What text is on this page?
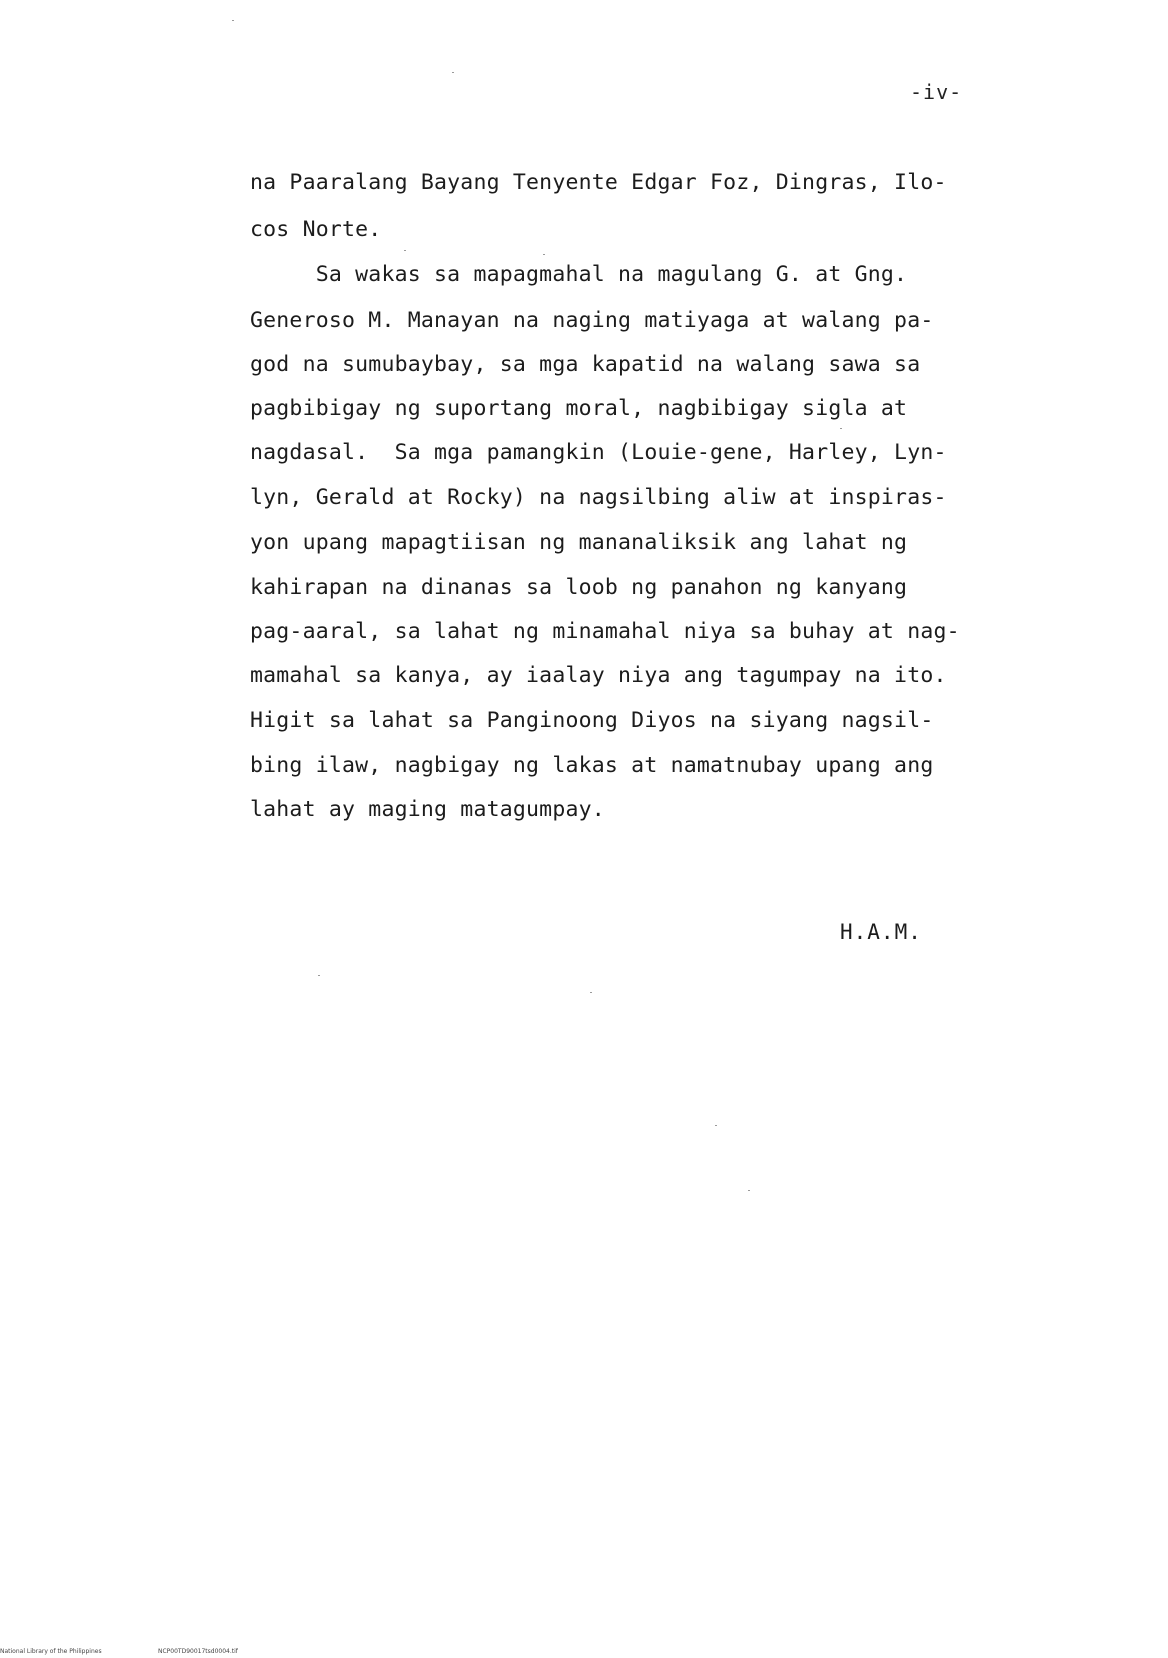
-iv-
na Paaralang Bayang Tenyente Edgar Foz, Dingras, Ilo-
cos Norte.
Sa wakas sa mapagmahal na magulang G. at Gng.
Generoso M. Manayan na naging matiyaga at walang pa-
god na sumubaybay, sa mga kapatid na walang sawa sa
pagbibigay ng suportang moral, nagbibigay sigla at
nagdasal.  Sa mga pamangkin (Louie-gene, Harley, Lyn-
lyn, Gerald at Rocky) na nagsilbing aliw at inspiras-
yon upang mapagtiisan ng mananaliksik ang lahat ng
kahirapan na dinanas sa loob ng panahon ng kanyang
pag-aaral, sa lahat ng minamahal niya sa buhay at nag-
mamahal sa kanya, ay iaalay niya ang tagumpay na ito.
Higit sa lahat sa Panginoong Diyos na siyang nagsil-
bing ilaw, nagbigay ng lakas at namatnubay upang ang
lahat ay maging matagumpay.
H.A.M.
National Library of the Philippines	NCP00TD90017tsd0004.tif
